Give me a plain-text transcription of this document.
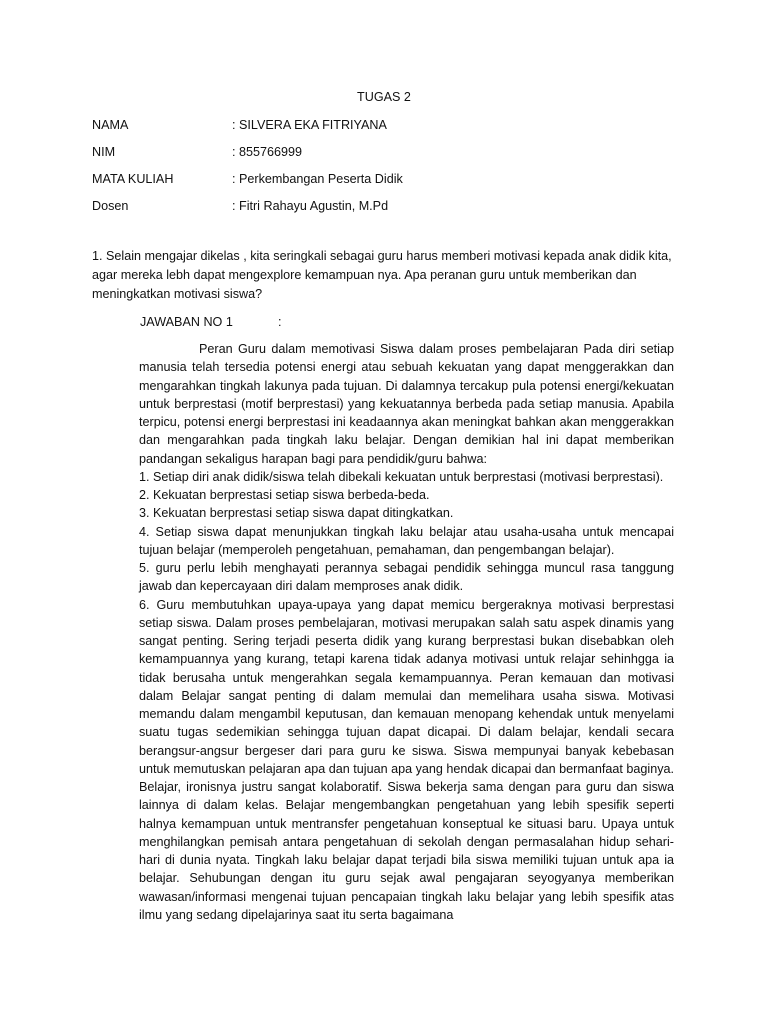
TUGAS 2
NAMA	: SILVERA EKA FITRIYANA
NIM	: 855766999
MATA KULIAH	: Perkembangan Peserta Didik
Dosen	: Fitri Rahayu Agustin, M.Pd
1. Selain mengajar dikelas , kita seringkali sebagai guru harus memberi motivasi kepada anak didik kita, agar mereka lebh dapat mengexplore kemampuan nya. Apa peranan guru untuk memberikan dan meningkatkan motivasi siswa?
JAWABAN NO 1	:

Peran Guru dalam memotivasi Siswa dalam proses pembelajaran Pada diri setiap manusia telah tersedia potensi energi atau sebuah kekuatan yang dapat menggerakkan dan mengarahkan tingkah lakunya pada tujuan. Di dalamnya tercakup pula potensi energi/kekuatan untuk berprestasi (motif berprestasi) yang kekuatannya berbeda pada setiap manusia. Apabila terpicu, potensi energi berprestasi ini keadaannya akan meningkat bahkan akan menggerakkan dan mengarahkan pada tingkah laku belajar. Dengan demikian hal ini dapat memberikan pandangan sekaligus harapan bagi para pendidik/guru bahwa:

1. Setiap diri anak didik/siswa telah dibekali kekuatan untuk berprestasi (motivasi berprestasi).

2. Kekuatan berprestasi setiap siswa berbeda-beda.

3. Kekuatan berprestasi setiap siswa dapat ditingkatkan.

4. Setiap siswa dapat menunjukkan tingkah laku belajar atau usaha-usaha untuk mencapai tujuan belajar (memperoleh pengetahuan, pemahaman, dan pengembangan belajar).

5. guru perlu lebih menghayati perannya sebagai pendidik sehingga muncul rasa tanggung jawab dan kepercayaan diri dalam memproses anak didik.

6. Guru membutuhkan upaya-upaya yang dapat memicu bergeraknya motivasi berprestasi setiap siswa. Dalam proses pembelajaran, motivasi merupakan salah satu aspek dinamis yang sangat penting. Sering terjadi peserta didik yang kurang berprestasi bukan disebabkan oleh kemampuannya yang kurang, tetapi karena tidak adanya motivasi untuk relajar sehinhgga ia tidak berusaha untuk mengerahkan segala kemampuannya. Peran kemauan dan motivasi dalam Belajar sangat penting di dalam memulai dan memelihara usaha siswa. Motivasi memandu dalam mengambil keputusan, dan kemauan menopang kehendak untuk menyelami suatu tugas sedemikian sehingga tujuan dapat dicapai. Di dalam belajar, kendali secara berangsur-angsur bergeser dari para guru ke siswa. Siswa mempunyai banyak kebebasan untuk memutuskan pelajaran apa dan tujuan apa yang hendak dicapai dan bermanfaat baginya. Belajar, ironisnya justru sangat kolaboratif. Siswa bekerja sama dengan para guru dan siswa lainnya di dalam kelas. Belajar mengembangkan pengetahuan yang lebih spesifik seperti halnya kemampuan untuk mentransfer pengetahuan konseptual ke situasi baru. Upaya untuk menghilangkan pemisah antara pengetahuan di sekolah dengan permasalahan hidup sehari-hari di dunia nyata. Tingkah laku belajar dapat terjadi bila siswa memiliki tujuan untuk apa ia belajar. Sehubungan dengan itu guru sejak awal pengajaran seyogyanya memberikan wawasan/informasi mengenai tujuan pencapaian tingkah laku belajar yang lebih spesifik atas ilmu yang sedang dipelajarinya saat itu serta bagaimana
